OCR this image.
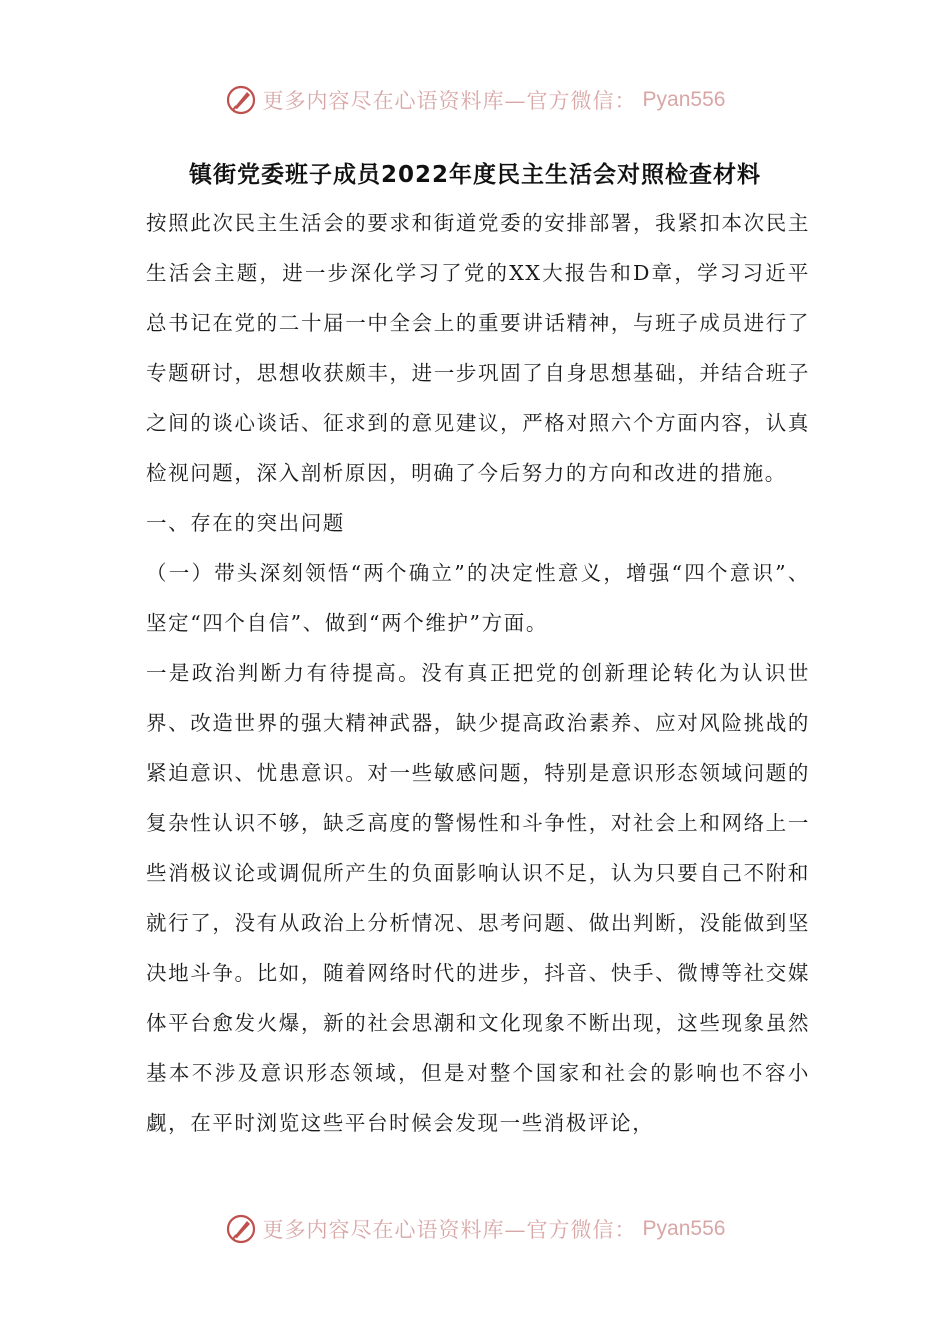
更多内容尽在心语资料库—官方微信： Pyan556
镇街党委班子成员2022年度民主生活会对照检查材料

按照此次民主生活会的要求和街道党委的安排部署，我紧扣本次民主生活会主题，进一步深化学习了党的XX大报告和D章，学习习近平总书记在党的二十届一中全会上的重要讲话精神，与班子成员进行了专题研讨，思想收获颇丰，进一步巩固了自身思想基础，并结合班子之间的谈心谈话、征求到的意见建议，严格对照六个方面内容，认真检视问题，深入剖析原因，明确了今后努力的方向和改进的措施。

一、存在的突出问题

（一）带头深刻领悟“两个确立”的决定性意义，增强“四个意识”、坚定“四个自信”、做到“两个维护”方面。

一是政治判断力有待提高。没有真正把党的创新理论转化为认识世界、改造世界的强大精神武器，缺少提高政治素养、应对风险挑战的紧迫意识、忧患意识。对一些敏感问题，特别是意识形态领域问题的复杂性认识不够，缺乏高度的警惕性和斗争性，对社会上和网络上一些消极议论或调侃所产生的负面影响认识不足，认为只要自己不附和就行了，没有从政治上分析情况、思考问题、做出判断，没能做到坚决地斗争。比如，随着网络时代的进步，抖音、快手、微博等社交媒体平台愈发火爆，新的社会思潮和文化现象不断出现，这些现象虽然基本不涉及意识形态领域，但是对整个国家和社会的影响也不容小觑，在平时浏览这些平台时候会发现一些消极评论，

更多内容尽在心语资料库—官方微信： Pyan556
